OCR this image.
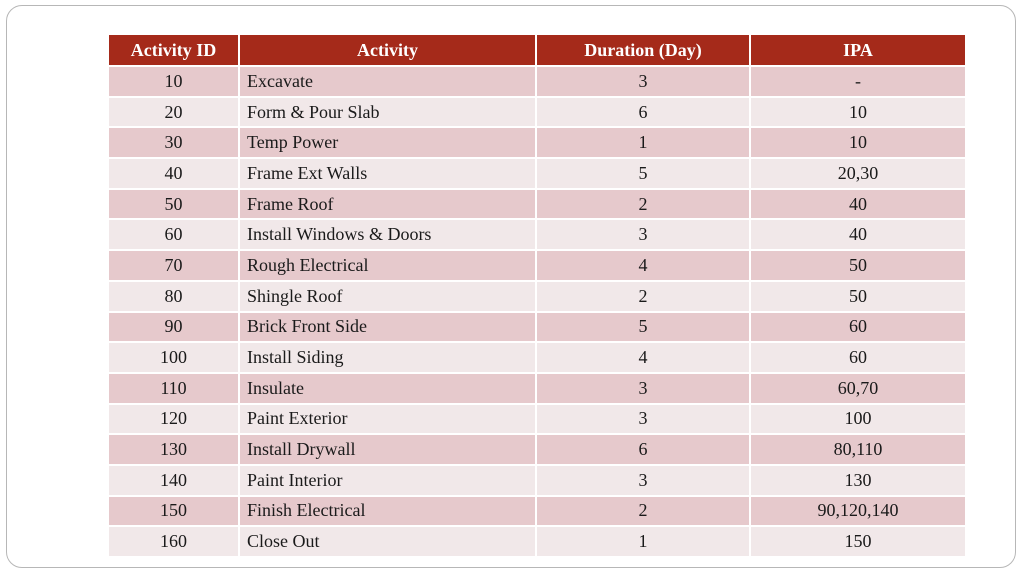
Activity ID	Activity	Duration (Day)	IPA
10	Excavate	3	-
20	Form & Pour Slab	6	10
30	Temp Power	1	10
40	Frame Ext Walls	5	20,30
50	Frame Roof	2	40
60	Install Windows & Doors	3	40
70	Rough Electrical	4	50
80	Shingle Roof	2	50
90	Brick Front Side	5	60
100	Install Siding	4	60
110	Insulate	3	60,70
120	Paint Exterior	3	100
130	Install Drywall	6	80,110
140	Paint Interior	3	130
150	Finish Electrical	2	90,120,140
160	Close Out	1	150
